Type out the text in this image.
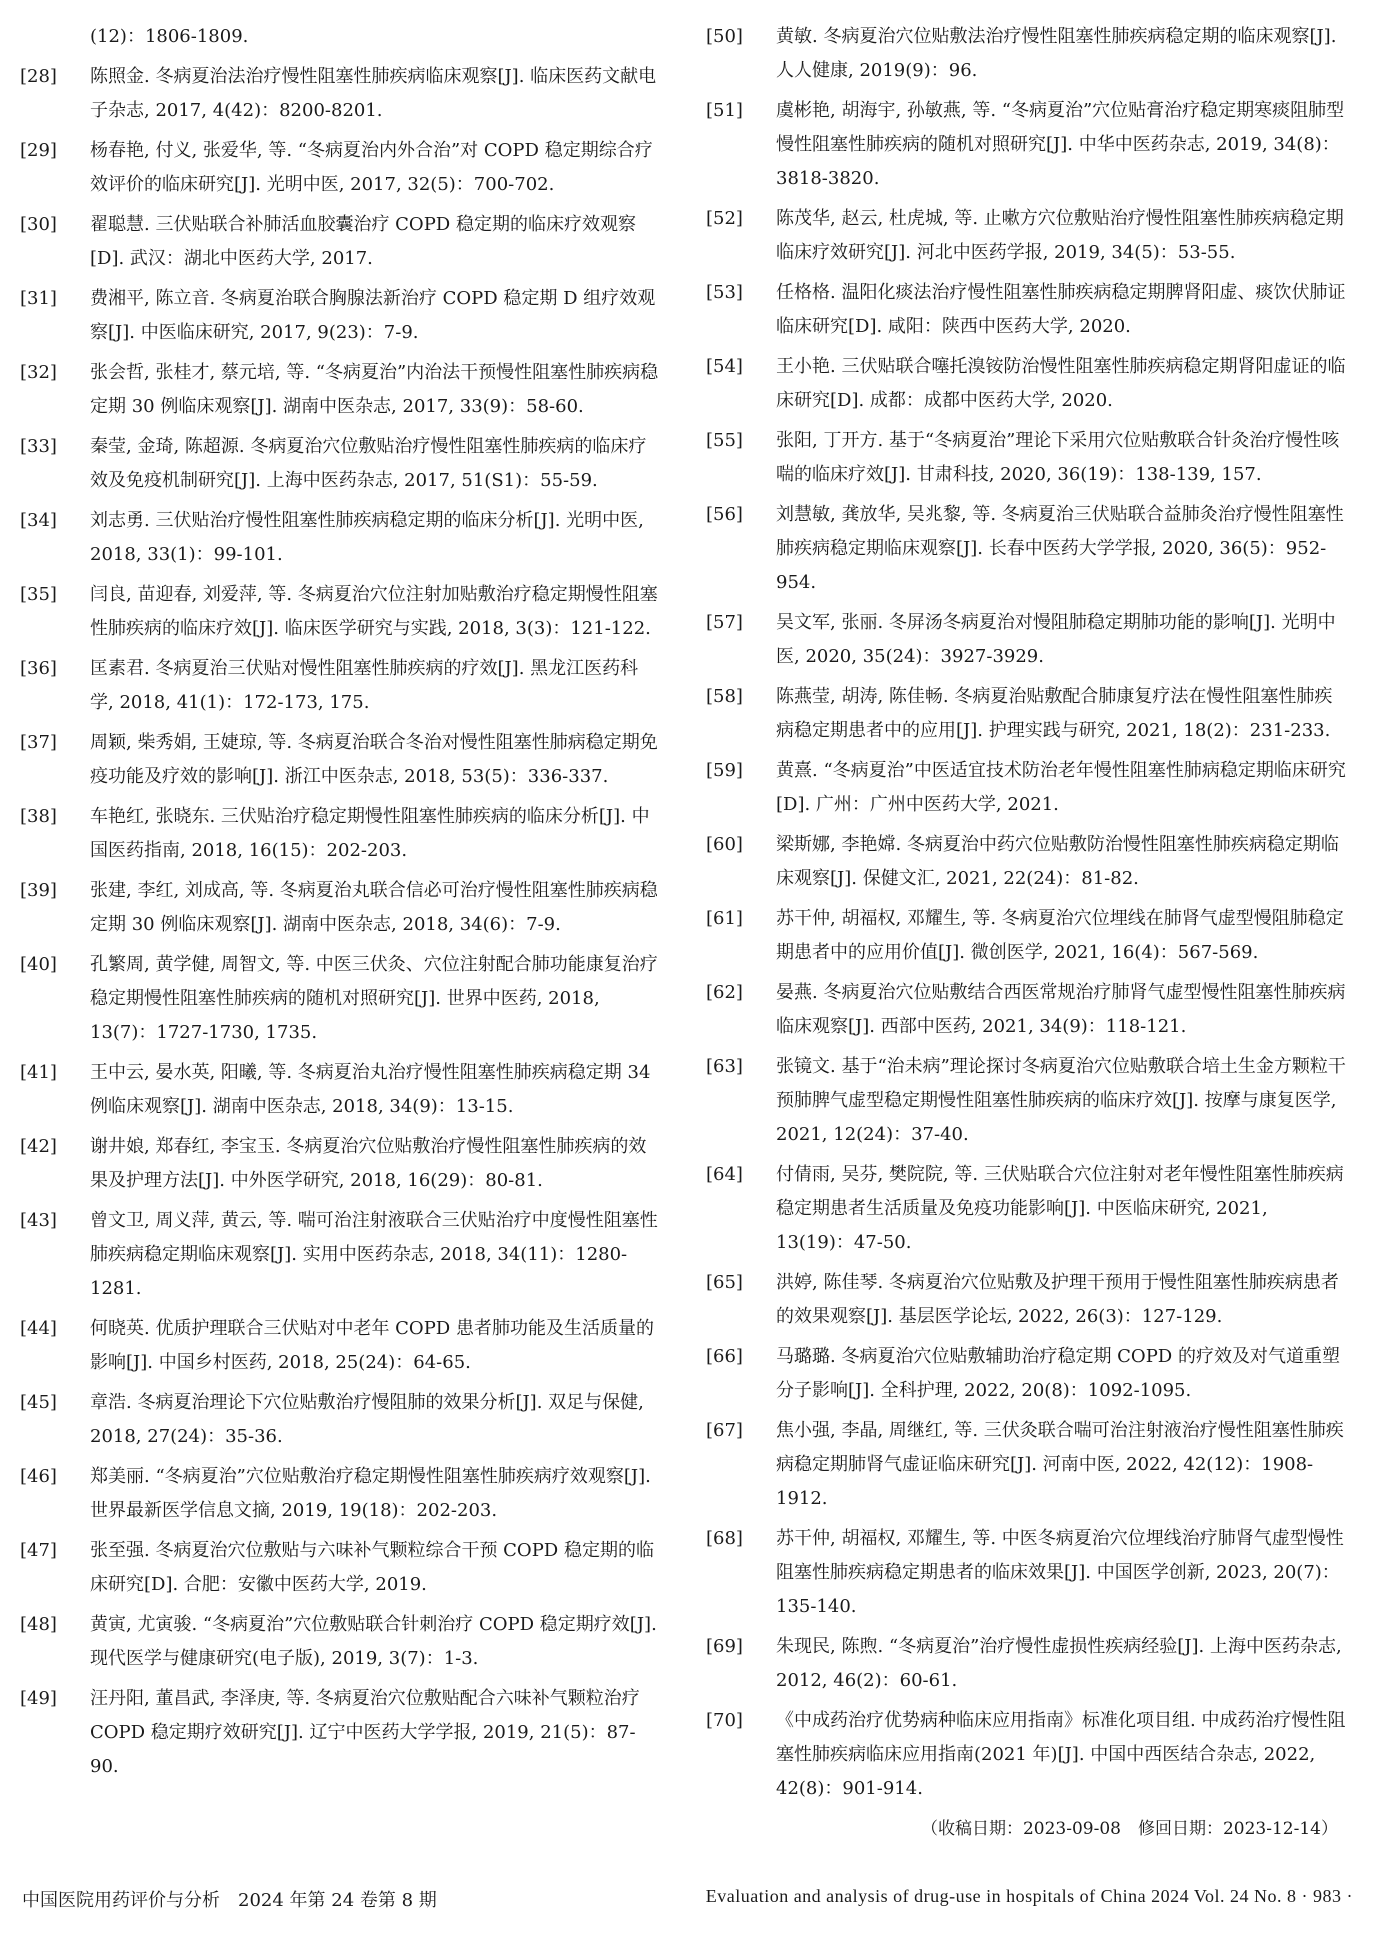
(12)：1806-1809.
[28]	陈照金. 冬病夏治法治疗慢性阻塞性肺疾病临床观察[J]. 临床医药文献电子杂志, 2017, 4(42)：8200-8201.
[29]	杨春艳, 付义, 张爱华, 等. “冬病夏治内外合治”对 COPD 稳定期综合疗效评价的临床研究[J]. 光明中医, 2017, 32(5)：700-702.
[30]	翟聪慧. 三伏贴联合补肺活血胶囊治疗 COPD 稳定期的临床疗效观察[D]. 武汉：湖北中医药大学, 2017.
[31]	费湘平, 陈立音. 冬病夏治联合胸腺法新治疗 COPD 稳定期 D 组疗效观察[J]. 中医临床研究, 2017, 9(23)：7-9.
[32]	张会哲, 张桂才, 蔡元培, 等. “冬病夏治”内治法干预慢性阻塞性肺疾病稳定期 30 例临床观察[J]. 湖南中医杂志, 2017, 33(9)：58-60.
[33]	秦莹, 金琦, 陈超源. 冬病夏治穴位敷贴治疗慢性阻塞性肺疾病的临床疗效及免疫机制研究[J]. 上海中医药杂志, 2017, 51(S1)：55-59.
[34]	刘志勇. 三伏贴治疗慢性阻塞性肺疾病稳定期的临床分析[J]. 光明中医, 2018, 33(1)：99-101.
[35]	闫良, 苗迎春, 刘爱萍, 等. 冬病夏治穴位注射加贴敷治疗稳定期慢性阻塞性肺疾病的临床疗效[J]. 临床医学研究与实践, 2018, 3(3)：121-122.
[36]	匡素君. 冬病夏治三伏贴对慢性阻塞性肺疾病的疗效[J]. 黑龙江医药科学, 2018, 41(1)：172-173, 175.
[37]	周颖, 柴秀娟, 王婕琼, 等. 冬病夏治联合冬治对慢性阻塞性肺病稳定期免疫功能及疗效的影响[J]. 浙江中医杂志, 2018, 53(5)：336-337.
[38]	车艳红, 张晓东. 三伏贴治疗稳定期慢性阻塞性肺疾病的临床分析[J]. 中国医药指南, 2018, 16(15)：202-203.
[39]	张建, 李红, 刘成高, 等. 冬病夏治丸联合信必可治疗慢性阻塞性肺疾病稳定期 30 例临床观察[J]. 湖南中医杂志, 2018, 34(6)：7-9.
[40]	孔繁周, 黄学健, 周智文, 等. 中医三伏灸、穴位注射配合肺功能康复治疗稳定期慢性阻塞性肺疾病的随机对照研究[J]. 世界中医药, 2018, 13(7)：1727-1730, 1735.
[41]	王中云, 晏水英, 阳曦, 等. 冬病夏治丸治疗慢性阻塞性肺疾病稳定期 34 例临床观察[J]. 湖南中医杂志, 2018, 34(9)：13-15.
[42]	谢井娘, 郑春红, 李宝玉. 冬病夏治穴位贴敷治疗慢性阻塞性肺疾病的效果及护理方法[J]. 中外医学研究, 2018, 16(29)：80-81.
[43]	曾文卫, 周义萍, 黄云, 等. 喘可治注射液联合三伏贴治疗中度慢性阻塞性肺疾病稳定期临床观察[J]. 实用中医药杂志, 2018, 34(11)：1280-1281.
[44]	何晓英. 优质护理联合三伏贴对中老年 COPD 患者肺功能及生活质量的影响[J]. 中国乡村医药, 2018, 25(24)：64-65.
[45]	章浩. 冬病夏治理论下穴位贴敷治疗慢阻肺的效果分析[J]. 双足与保健, 2018, 27(24)：35-36.
[46]	郑美丽. “冬病夏治”穴位贴敷治疗稳定期慢性阻塞性肺疾病疗效观察[J]. 世界最新医学信息文摘, 2019, 19(18)：202-203.
[47]	张至强. 冬病夏治穴位敷贴与六味补气颗粒综合干预 COPD 稳定期的临床研究[D]. 合肥：安徽中医药大学, 2019.
[48]	黄寅, 尤寅骏. “冬病夏治”穴位敷贴联合针刺治疗 COPD 稳定期疗效[J]. 现代医学与健康研究(电子版), 2019, 3(7)：1-3.
[49]	汪丹阳, 董昌武, 李泽庚, 等. 冬病夏治穴位敷贴配合六味补气颗粒治疗 COPD 稳定期疗效研究[J]. 辽宁中医药大学学报, 2019, 21(5)：87-90.
[50]	黄敏. 冬病夏治穴位贴敷法治疗慢性阻塞性肺疾病稳定期的临床观察[J]. 人人健康, 2019(9)：96.
[51]	虞彬艳, 胡海宇, 孙敏燕, 等. “冬病夏治”穴位贴膏治疗稳定期寒痰阻肺型慢性阻塞性肺疾病的随机对照研究[J]. 中华中医药杂志, 2019, 34(8)：3818-3820.
[52]	陈茂华, 赵云, 杜虎城, 等. 止嗽方穴位敷贴治疗慢性阻塞性肺疾病稳定期临床疗效研究[J]. 河北中医药学报, 2019, 34(5)：53-55.
[53]	任格格. 温阳化痰法治疗慢性阻塞性肺疾病稳定期脾肾阳虚、痰饮伏肺证临床研究[D]. 咸阳：陕西中医药大学, 2020.
[54]	王小艳. 三伏贴联合噻托溴铵防治慢性阻塞性肺疾病稳定期肾阳虚证的临床研究[D]. 成都：成都中医药大学, 2020.
[55]	张阳, 丁开方. 基于“冬病夏治”理论下采用穴位贴敷联合针灸治疗慢性咳喘的临床疗效[J]. 甘肃科技, 2020, 36(19)：138-139, 157.
[56]	刘慧敏, 龚放华, 吴兆黎, 等. 冬病夏治三伏贴联合益肺灸治疗慢性阻塞性肺疾病稳定期临床观察[J]. 长春中医药大学学报, 2020, 36(5)：952-954.
[57]	吴文军, 张丽. 冬屏汤冬病夏治对慢阻肺稳定期肺功能的影响[J]. 光明中医, 2020, 35(24)：3927-3929.
[58]	陈燕莹, 胡涛, 陈佳畅. 冬病夏治贴敷配合肺康复疗法在慢性阻塞性肺疾病稳定期患者中的应用[J]. 护理实践与研究, 2021, 18(2)：231-233.
[59]	黄熹. “冬病夏治”中医适宜技术防治老年慢性阻塞性肺病稳定期临床研究[D]. 广州：广州中医药大学, 2021.
[60]	梁斯娜, 李艳嫦. 冬病夏治中药穴位贴敷防治慢性阻塞性肺疾病稳定期临床观察[J]. 保健文汇, 2021, 22(24)：81-82.
[61]	苏干仲, 胡福权, 邓耀生, 等. 冬病夏治穴位埋线在肺肾气虚型慢阻肺稳定期患者中的应用价值[J]. 微创医学, 2021, 16(4)：567-569.
[62]	晏燕. 冬病夏治穴位贴敷结合西医常规治疗肺肾气虚型慢性阻塞性肺疾病临床观察[J]. 西部中医药, 2021, 34(9)：118-121.
[63]	张镜文. 基于“治未病”理论探讨冬病夏治穴位贴敷联合培土生金方颗粒干预肺脾气虚型稳定期慢性阻塞性肺疾病的临床疗效[J]. 按摩与康复医学, 2021, 12(24)：37-40.
[64]	付倩雨, 吴芬, 樊院院, 等. 三伏贴联合穴位注射对老年慢性阻塞性肺疾病稳定期患者生活质量及免疫功能影响[J]. 中医临床研究, 2021, 13(19)：47-50.
[65]	洪婷, 陈佳琴. 冬病夏治穴位贴敷及护理干预用于慢性阻塞性肺疾病患者的效果观察[J]. 基层医学论坛, 2022, 26(3)：127-129.
[66]	马璐璐. 冬病夏治穴位贴敷辅助治疗稳定期 COPD 的疗效及对气道重塑分子影响[J]. 全科护理, 2022, 20(8)：1092-1095.
[67]	焦小强, 李晶, 周继红, 等. 三伏灸联合喘可治注射液治疗慢性阻塞性肺疾病稳定期肺肾气虚证临床研究[J]. 河南中医, 2022, 42(12)：1908-1912.
[68]	苏干仲, 胡福权, 邓耀生, 等. 中医冬病夏治穴位埋线治疗肺肾气虚型慢性阻塞性肺疾病稳定期患者的临床效果[J]. 中国医学创新, 2023, 20(7)：135-140.
[69]	朱现民, 陈煦. “冬病夏治”治疗慢性虚损性疾病经验[J]. 上海中医药杂志, 2012, 46(2)：60-61.
[70]	《中成药治疗优势病种临床应用指南》标准化项目组. 中成药治疗慢性阻塞性肺疾病临床应用指南(2021 年)[J]. 中国中西医结合杂志, 2022, 42(8)：901-914.
（收稿日期：2023-09-08　修回日期：2023-12-14）
中国医院用药评价与分析　2024 年第 24 卷第 8 期	Evaluation and analysis of drug-use in hospitals of China 2024 Vol. 24 No. 8 · 983 ·
